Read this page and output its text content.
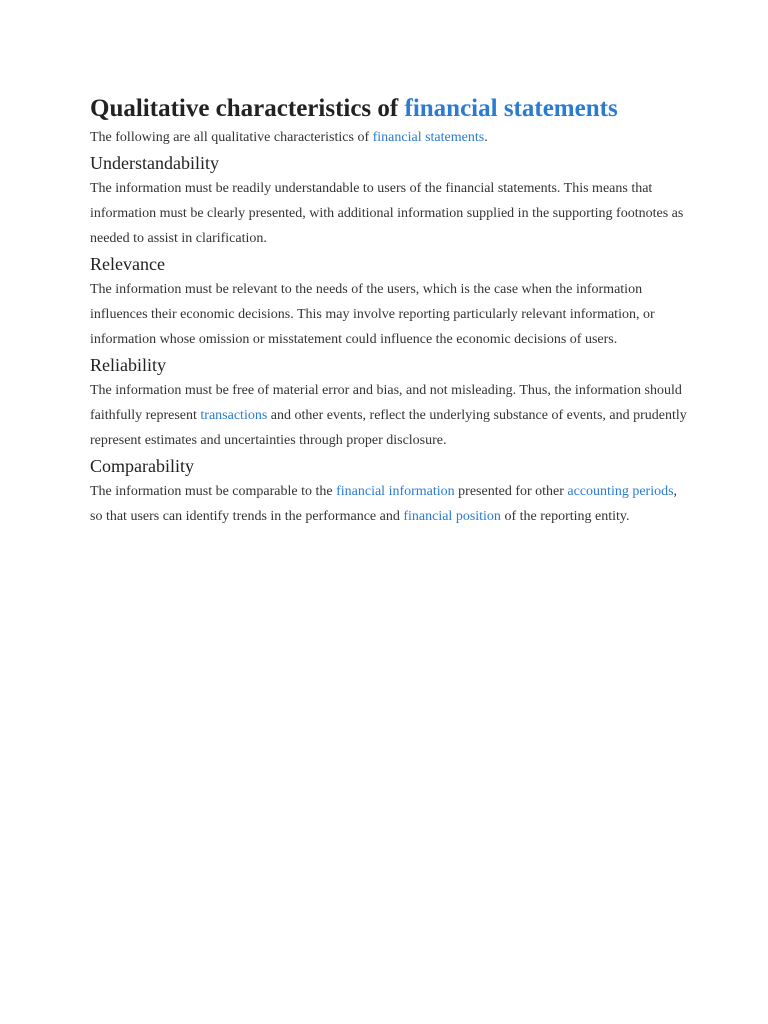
Qualitative characteristics of financial statements

The following are all qualitative characteristics of financial statements.

Understandability

The information must be readily understandable to users of the financial statements. This means that information must be clearly presented, with additional information supplied in the supporting footnotes as needed to assist in clarification.

Relevance

The information must be relevant to the needs of the users, which is the case when the information influences their economic decisions. This may involve reporting particularly relevant information, or information whose omission or misstatement could influence the economic decisions of users.

Reliability

The information must be free of material error and bias, and not misleading. Thus, the information should faithfully represent transactions and other events, reflect the underlying substance of events, and prudently represent estimates and uncertainties through proper disclosure.

Comparability

The information must be comparable to the financial information presented for other accounting periods, so that users can identify trends in the performance and financial position of the reporting entity.
